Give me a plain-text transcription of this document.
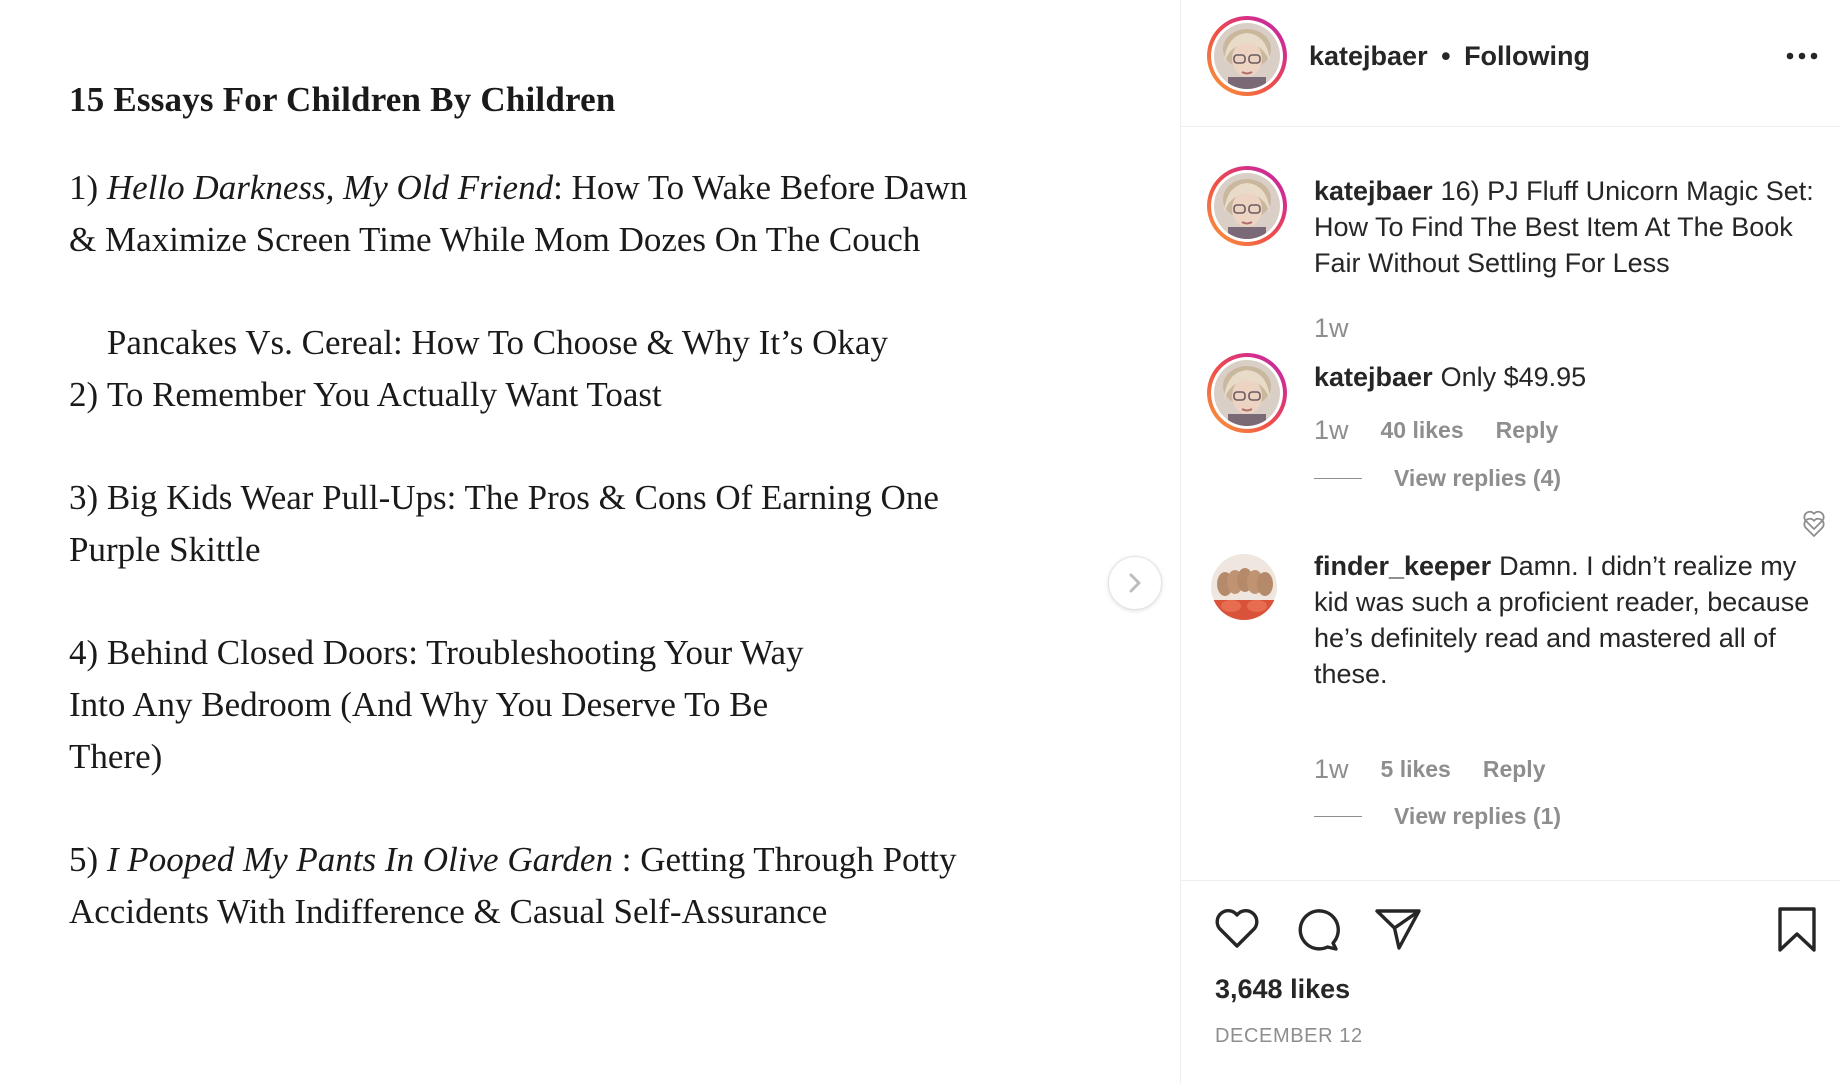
15 Essays For Children By Children
1) Hello Darkness, My Old Friend: How To Wake Before Dawn & Maximize Screen Time While Mom Dozes On The Couch
2) Pancakes Vs. Cereal: How To Choose & Why It’s Okay To Remember You Actually Want Toast
3) Big Kids Wear Pull-Ups: The Pros & Cons Of Earning One Purple Skittle
4) Behind Closed Doors: Troubleshooting Your Way Into Any Bedroom (And Why You Deserve To Be There)
5) I Pooped My Pants In Olive Garden : Getting Through Potty Accidents With Indifference & Casual Self-Assurance
katejbaer • Following
katejbaer 16) PJ Fluff Unicorn Magic Set: How To Find The Best Item At The Book Fair Without Settling For Less
1w
katejbaer Only $49.95
1w 40 likes Reply
View replies (4)
finder_keeper Damn. I didn’t realize my kid was such a proficient reader, because he’s definitely read and mastered all of these.
1w 5 likes Reply
View replies (1)
3,648 likes
DECEMBER 12
